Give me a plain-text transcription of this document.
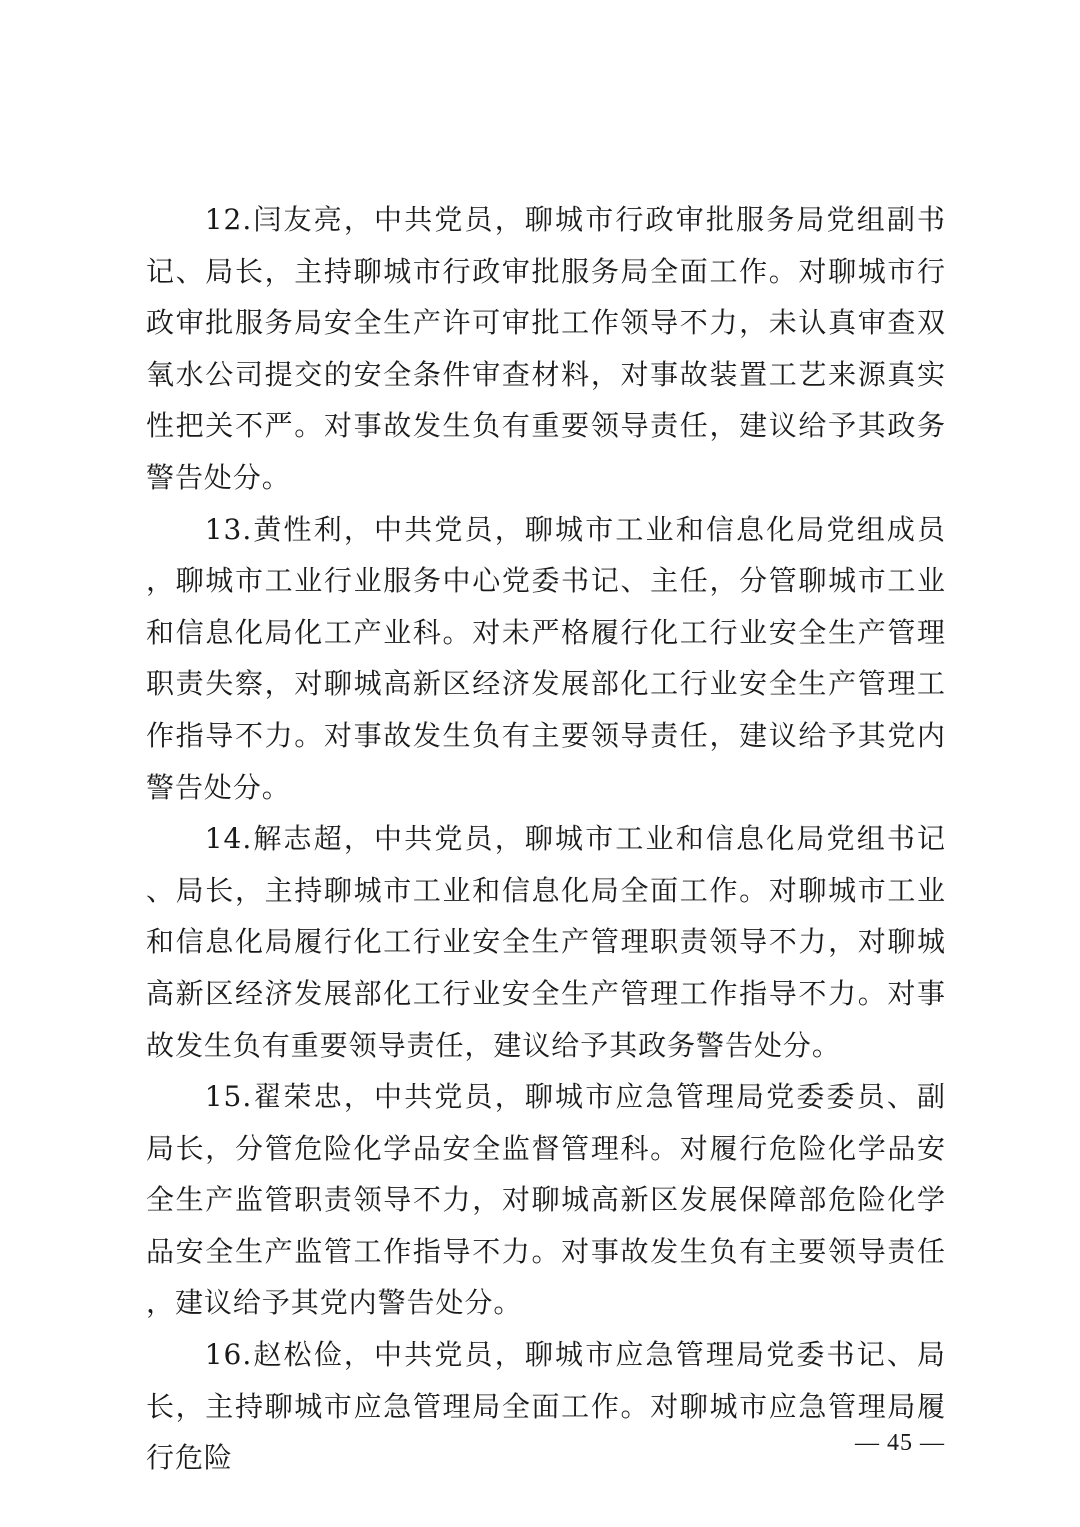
12.闫友亮，中共党员，聊城市行政审批服务局党组副书记、局长，主持聊城市行政审批服务局全面工作。对聊城市行政审批服务局安全生产许可审批工作领导不力，未认真审查双氧水公司提交的安全条件审查材料，对事故装置工艺来源真实性把关不严。对事故发生负有重要领导责任，建议给予其政务警告处分。

13.黄性利，中共党员，聊城市工业和信息化局党组成员，聊城市工业行业服务中心党委书记、主任，分管聊城市工业和信息化局化工产业科。对未严格履行化工行业安全生产管理职责失察，对聊城高新区经济发展部化工行业安全生产管理工作指导不力。对事故发生负有主要领导责任，建议给予其党内警告处分。

14.解志超，中共党员，聊城市工业和信息化局党组书记、局长，主持聊城市工业和信息化局全面工作。对聊城市工业和信息化局履行化工行业安全生产管理职责领导不力，对聊城高新区经济发展部化工行业安全生产管理工作指导不力。对事故发生负有重要领导责任，建议给予其政务警告处分。

15.翟荣忠，中共党员，聊城市应急管理局党委委员、副局长，分管危险化学品安全监督管理科。对履行危险化学品安全生产监管职责领导不力，对聊城高新区发展保障部危险化学品安全生产监管工作指导不力。对事故发生负有主要领导责任，建议给予其党内警告处分。

16.赵松俭，中共党员，聊城市应急管理局党委书记、局长，主持聊城市应急管理局全面工作。对聊城市应急管理局履行危险	— 45 —
